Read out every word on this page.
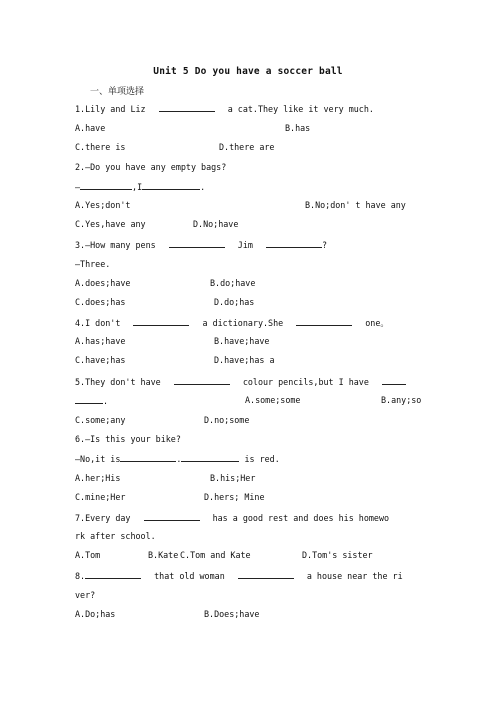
Unit 5 Do you have a soccer ball
一、单项选择
1.Lily and Liz	a cat.They like it very much.
A.have	B.has
C.there is	D.there are
2.—Do you have any empty bags?
—	,I	.
A.Yes;don't	B.No;don' t have any
C.Yes,have any	D.No;have
3.—How many pens	Jim	?
—Three.
A.does;have	B.do;have
C.does;has	D.do;has
4.I don't	a dictionary.She	one。
A.has;have	B.have;have
C.have;has	D.have;has a
5.They don't have	colour pencils,but I have
.	A.some;some	B.any;so
C.some;any	D.no;some
6.—Is this your bike?
—No,it is	.	is red.
A.her;His	B.his;Her
C.mine;Her	D.hers; Mine
7.Every day	has a good rest and does his homewo
rk after school.
A.Tom	B.Kate C.Tom and Kate	D.Tom's sister
8.	that old woman	a house near the ri
ver?
A.Do;has	B.Does;have
